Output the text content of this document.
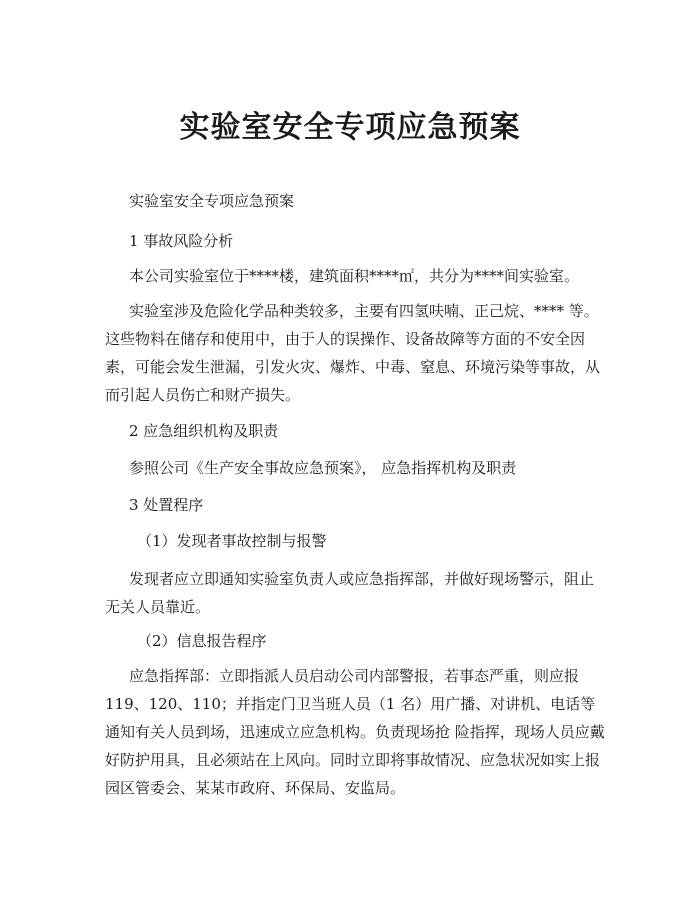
实验室安全专项应急预案

实验室安全专项应急预案

1 事故风险分析

本公司实验室位于****楼，建筑面积****㎡，共分为****间实验室。

实验室涉及危险化学品种类较多，主要有四氢呋喃、正己烷、**** 等。 这些物料在储存和使用中，由于人的误操作、设备故障等方面的不安全因素，可能会发生泄漏，引发火灾、爆炸、中毒、窒息、环境污染等事故，从而引起人员伤亡和财产损失。

2 应急组织机构及职责

参照公司《生产安全事故应急预案》， 应急指挥机构及职责

3 处置程序

（1）发现者事故控制与报警

发现者应立即通知实验室负责人或应急指挥部，并做好现场警示，阻止无关人员靠近。

（2）信息报告程序

应急指挥部：立即指派人员启动公司内部警报，若事态严重，则应报 119、120、110；并指定门卫当班人员（1 名）用广播、对讲机、电话等通知有关人员到场，迅速成立应急机构。负责现场抢 险指挥，现场人员应戴好防护用具，且必须站在上风向。同时立即将事故情况、应急状况如实上报园区管委会、某某市政府、环保局、安监局。
